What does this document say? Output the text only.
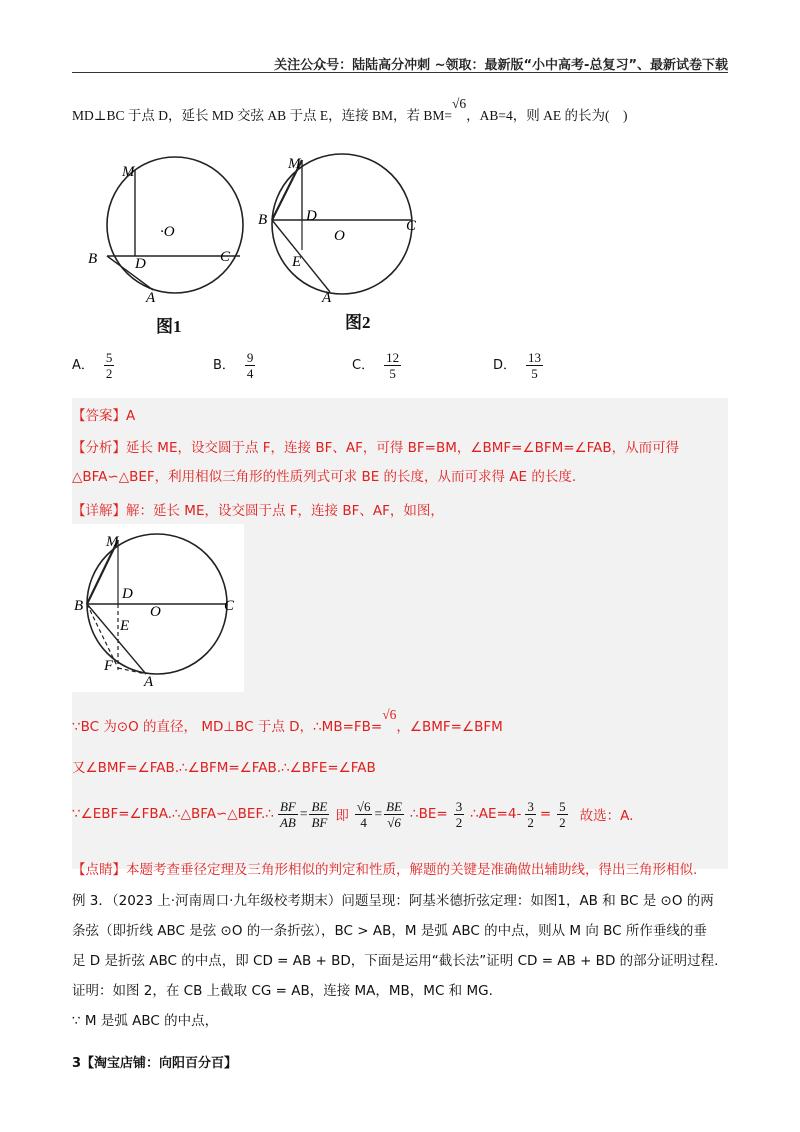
关注公众号：陆陆高分冲刺 ~领取：最新版“小中高考-总复习”、最新试卷下载
MD⊥BC 于点 D，延长 MD 交弦 AB 于点 E，连接 BM，若 BM=√6，AB=4，则 AE 的长为(　)
M
·O
B	D	C
A
图1
M
D
O
B	C
E
A
图2
A． $\frac{5}{2}$	B． $\frac{9}{4}$	C． $\frac{12}{5}$	D． $\frac{13}{5}$
【答案】A
【分析】延长 ME，设交圆于点 F，连接 BF、AF，可得 BF=BM，∠BMF=∠BFM=∠FAB，从而可得
△BFA∽△BEF，利用相似三角形的性质列式可求 BE 的长度，从而可求得 AE 的长度.
【详解】解：延长 ME，设交圆于点 F，连接 BF、AF，如图，
M
D
O
B	C
E
F
A
∵BC 为⊙O 的直径， MD⊥BC 于点 D，∴MB=FB=√6，∠BMF=∠BFM
又∠BMF=∠FAB.∴∠BFM=∠FAB.∴∠BFE=∠FAB
∵∠EBF=∠FBA.∴△BFA∽△BEF.∴ $\frac{BF}{AB} = \frac{BE}{BF}$ 即 $\frac{√6}{4} = \frac{BE}{√6}$ ∴BE= $\frac{3}{2}$ ∴AE=4- $\frac{3}{2} = \frac{5}{2}$ 故选：A.
【点睛】本题考查垂径定理及三角形相似的判定和性质，解题的关键是准确做出辅助线，得出三角形相似.
例 3．（2023 上·河南周口·九年级校考期末）问题呈现：阿基米德折弦定理：如图1，AB 和 BC 是 ⊙O 的两
条弦（即折线 ABC 是弦 ⊙O 的一条折弦），BC > AB，M 是弧 ABC 的中点，则从 M 向 BC 所作垂线的垂
足 D 是折弦 ABC 的中点，即 CD = AB + BD，下面是运用“截长法”证明 CD = AB + BD 的部分证明过程.
证明：如图 2，在 CB 上截取 CG = AB，连接 MA，MB，MC 和 MG.
∵ M 是弧 ABC 的中点，
3【淘宝店铺：向阳百分百】
